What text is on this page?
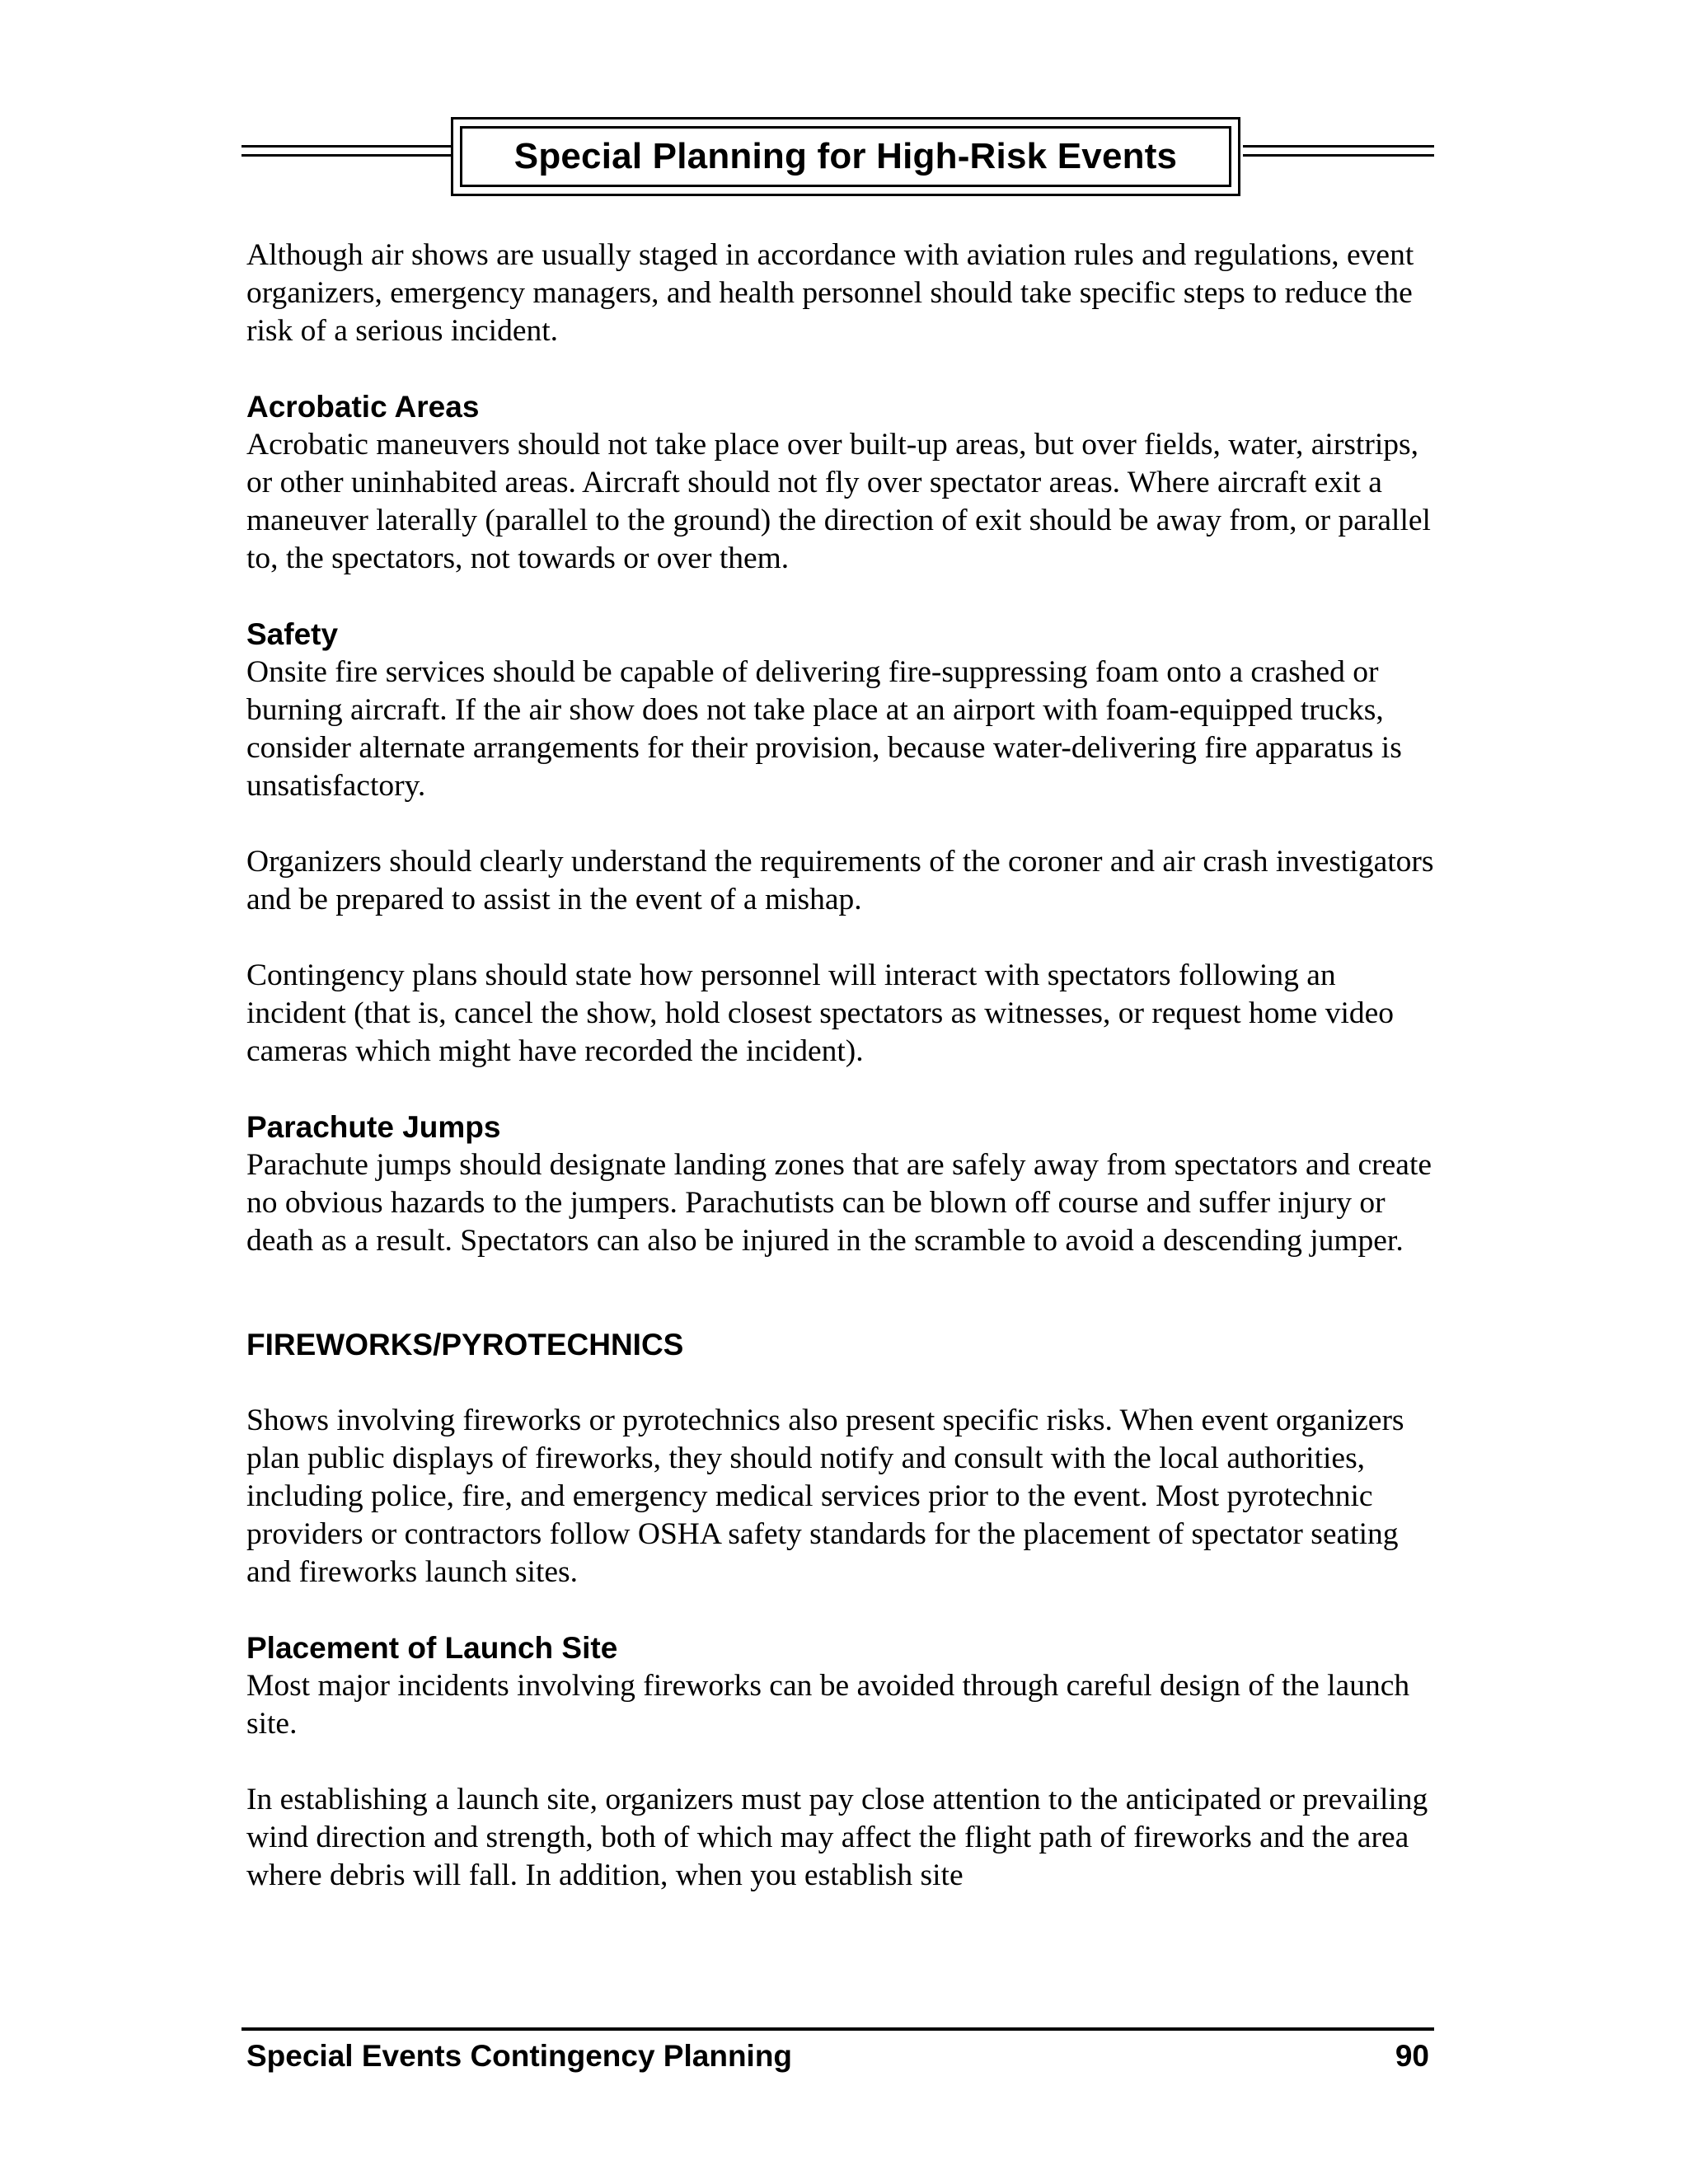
Special Planning for High-Risk Events

Although air shows are usually staged in accordance with aviation rules and regulations, event organizers, emergency managers, and health personnel should take specific steps to reduce the risk of a serious incident.

Acrobatic Areas

Acrobatic maneuvers should not take place over built-up areas, but over fields, water, airstrips, or other uninhabited areas. Aircraft should not fly over spectator areas. Where aircraft exit a maneuver laterally (parallel to the ground) the direction of exit should be away from, or parallel to, the spectators, not towards or over them.

Safety

Onsite fire services should be capable of delivering fire-suppressing foam onto a crashed or burning aircraft. If the air show does not take place at an airport with foam-equipped trucks, consider alternate arrangements for their provision, because water-delivering fire apparatus is unsatisfactory.

Organizers should clearly understand the requirements of the coroner and air crash investigators and be prepared to assist in the event of a mishap.

Contingency plans should state how personnel will interact with spectators following an incident (that is, cancel the show, hold closest spectators as witnesses, or request home video cameras which might have recorded the incident).

Parachute Jumps

Parachute jumps should designate landing zones that are safely away from spectators and create no obvious hazards to the jumpers. Parachutists can be blown off course and suffer injury or death as a result. Spectators can also be injured in the scramble to avoid a descending jumper.

FIREWORKS/PYROTECHNICS

Shows involving fireworks or pyrotechnics also present specific risks. When event organizers plan public displays of fireworks, they should notify and consult with the local authorities, including police, fire, and emergency medical services prior to the event. Most pyrotechnic providers or contractors follow OSHA safety standards for the placement of spectator seating and fireworks launch sites.

Placement of Launch Site

Most major incidents involving fireworks can be avoided through careful design of the launch site.

In establishing a launch site, organizers must pay close attention to the anticipated or prevailing wind direction and strength, both of which may affect the flight path of fireworks and the area where debris will fall. In addition, when you establish site

Special Events Contingency Planning	90
